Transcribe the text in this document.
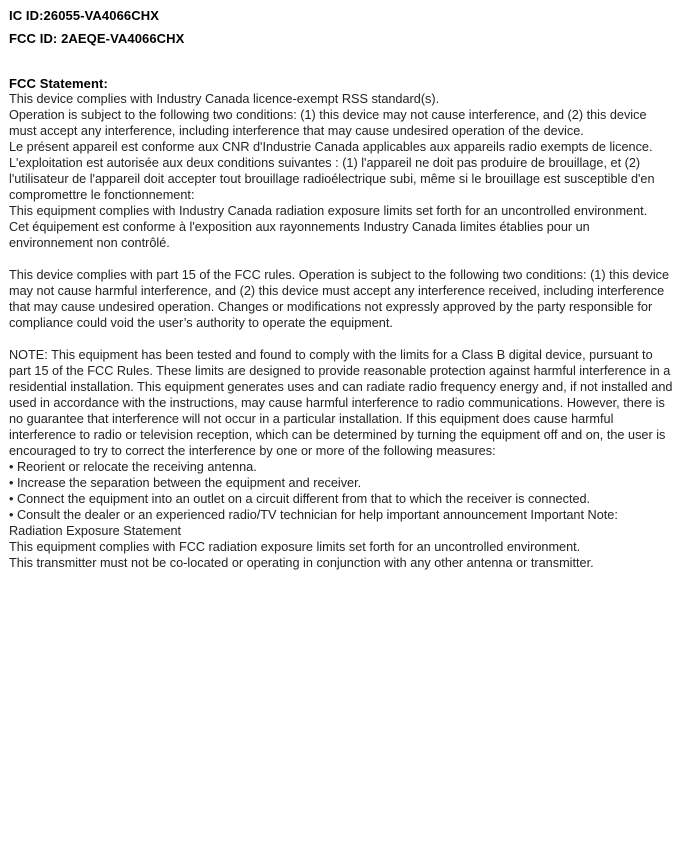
IC ID:26055-VA4066CHX
FCC ID: 2AEQE-VA4066CHX
FCC Statement:
This device complies with Industry Canada licence-exempt RSS standard(s).
Operation is subject to the following two conditions: (1) this device may not cause interference, and (2) this device must accept any interference, including interference that may cause undesired operation of the device.
Le présent appareil est conforme aux CNR d'Industrie Canada applicables aux appareils radio exempts de licence. L'exploitation est autorisée aux deux conditions suivantes : (1) l'appareil ne doit pas produire de brouillage, et (2) l'utilisateur de l'appareil doit accepter tout brouillage radioélectrique subi, même si le brouillage est susceptible d'en compromettre le fonctionnement:
This equipment complies with Industry Canada radiation exposure limits set forth for an uncontrolled environment.
Cet équipement est conforme à l'exposition aux rayonnements Industry Canada limites établies pour un environnement non contrôlé.
This device complies with part 15 of the FCC rules. Operation is subject to the following two conditions: (1) this device may not cause harmful interference, and (2) this device must accept any interference received, including interference that may cause undesired operation. Changes or modifications not expressly approved by the party responsible for compliance could void the user’s authority to operate the equipment.
NOTE: This equipment has been tested and found to comply with the limits for a Class B digital device, pursuant to part 15 of the FCC Rules. These limits are designed to provide reasonable protection against harmful interference in a residential installation. This equipment generates uses and can radiate radio frequency energy and, if not installed and used in accordance with the instructions, may cause harmful interference to radio communications. However, there is no guarantee that interference will not occur in a particular installation. If this equipment does cause harmful interference to radio or television reception, which can be determined by turning the equipment off and on, the user is encouraged to try to correct the interference by one or more of the following measures:
• Reorient or relocate the receiving antenna.
• Increase the separation between the equipment and receiver.
• Connect the equipment into an outlet on a circuit different from that to which the receiver is connected.
• Consult the dealer or an experienced radio/TV technician for help important announcement Important Note: Radiation Exposure Statement
This equipment complies with FCC radiation exposure limits set forth for an uncontrolled environment.
This transmitter must not be co-located or operating in conjunction with any other antenna or transmitter.
